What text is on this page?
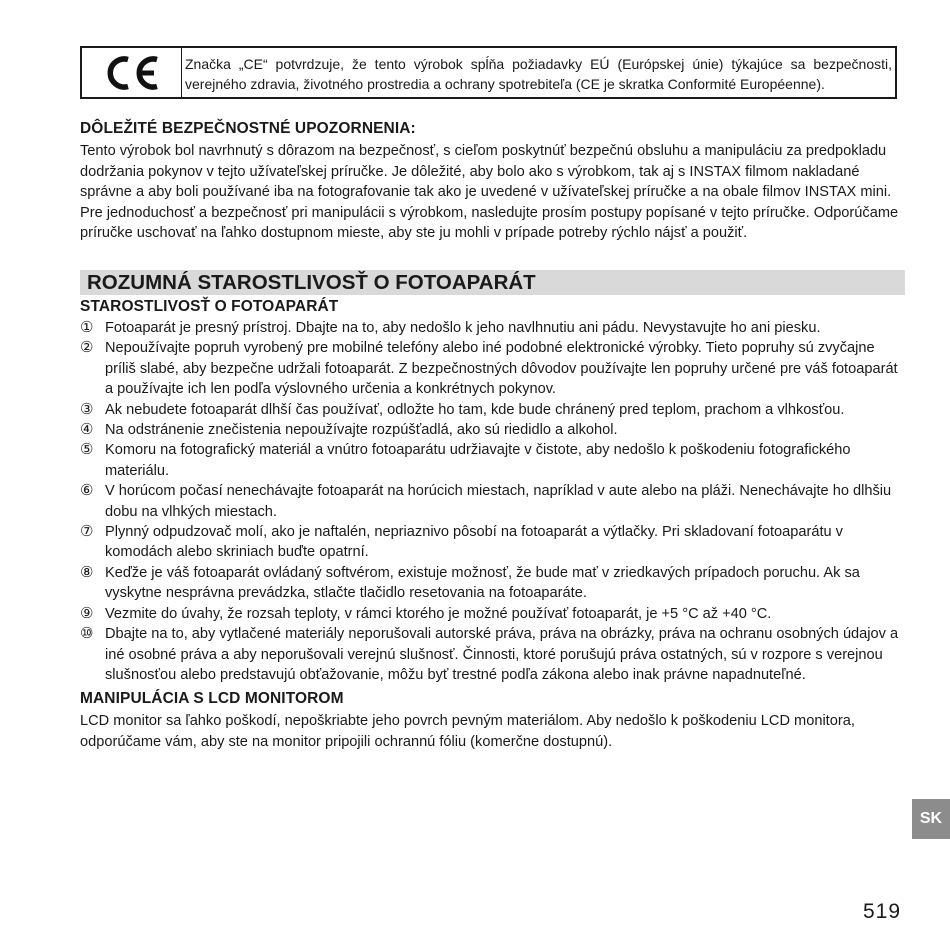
Značka „CE“ potvrdzuje, že tento výrobok spĺňa požiadavky EÚ (Európskej únie) týkajúce sa bezpečnosti, verejného zdravia, životného prostredia a ochrany spotrebiteľa (CE je skratka Conformité Européenne).
DÔLEŽITÉ BEZPEČNOSTNÉ UPOZORNENIA:

Tento výrobok bol navrhnutý s dôrazom na bezpečnosť, s cieľom poskytnúť bezpečnú obsluhu a manipuláciu za predpokladu dodržania pokynov v tejto užívateľskej príručke. Je dôležité, aby bolo ako s výrobkom, tak aj s INSTAX filmom nakladané správne a aby boli používané iba na fotografovanie tak ako je uvedené v užívateľskej príručke a na obale filmov INSTAX mini. Pre jednoduchosť a bezpečnosť pri manipulácii s výrobkom, nasledujte prosím postupy popísané v tejto príručke. Odporúčame príručke uschovať na ľahko dostupnom mieste, aby ste ju mohli v prípade potreby rýchlo nájsť a použiť.

ROZUMNÁ STAROSTLIVOSŤ O FOTOAPARÁT
STAROSTLIVOSŤ O FOTOAPARÁT
① Fotoaparát je presný prístroj. Dbajte na to, aby nedošlo k jeho navlhnutiu ani pádu. Nevystavujte ho ani piesku.
② Nepoužívajte popruh vyrobený pre mobilné telefóny alebo iné podobné elektronické výrobky. Tieto popruhy sú zvyčajne príliš slabé, aby bezpečne udržali fotoaparát. Z bezpečnostných dôvodov používajte len popruhy určené pre váš fotoaparát a používajte ich len podľa výslovného určenia a konkrétnych pokynov.
③ Ak nebudete fotoaparát dlhší čas používať, odložte ho tam, kde bude chránený pred teplom, prachom a vlhkosťou.
④ Na odstránenie znečistenia nepoužívajte rozpúšťadlá, ako sú riedidlo a alkohol.
⑤ Komoru na fotografický materiál a vnútro fotoaparátu udržiavajte v čistote, aby nedošlo k poškodeniu fotografického materiálu.
⑥ V horúcom počasí nenechávajte fotoaparát na horúcich miestach, napríklad v aute alebo na pláži. Nenechávajte ho dlhšiu dobu na vlhkých miestach.
⑦ Plynný odpudzovač molí, ako je naftalén, nepriaznivo pôsobí na fotoaparát a výtlačky. Pri skladovaní fotoaparátu v komodách alebo skriniach buďte opatrní.
⑧ Keďže je váš fotoaparát ovládaný softvérom, existuje možnosť, že bude mať v zriedkavých prípadoch poruchu. Ak sa vyskytne nesprávna prevádzka, stlačte tlačidlo resetovania na fotoaparáte.
⑨ Vezmite do úvahy, že rozsah teploty, v rámci ktorého je možné používať fotoaparát, je +5 °C až +40 °C.
⑩ Dbajte na to, aby vytlačené materiály neporušovali autorské práva, práva na obrázky, práva na ochranu osobných údajov a iné osobné práva a aby neporušovali verejnú slušnosť. Činnosti, ktoré porušujú práva ostatných, sú v rozpore s verejnou slušnosťou alebo predstavujú obťažovanie, môžu byť trestné podľa zákona alebo inak právne napadnuteľné.
MANIPULÁCIA S LCD MONITOROM

LCD monitor sa ľahko poškodí, nepoškriabte jeho povrch pevným materiálom. Aby nedošlo k poškodeniu LCD monitora, odporúčame vám, aby ste na monitor pripojili ochrannú fóliu (komerčne dostupnú).

SK
519
